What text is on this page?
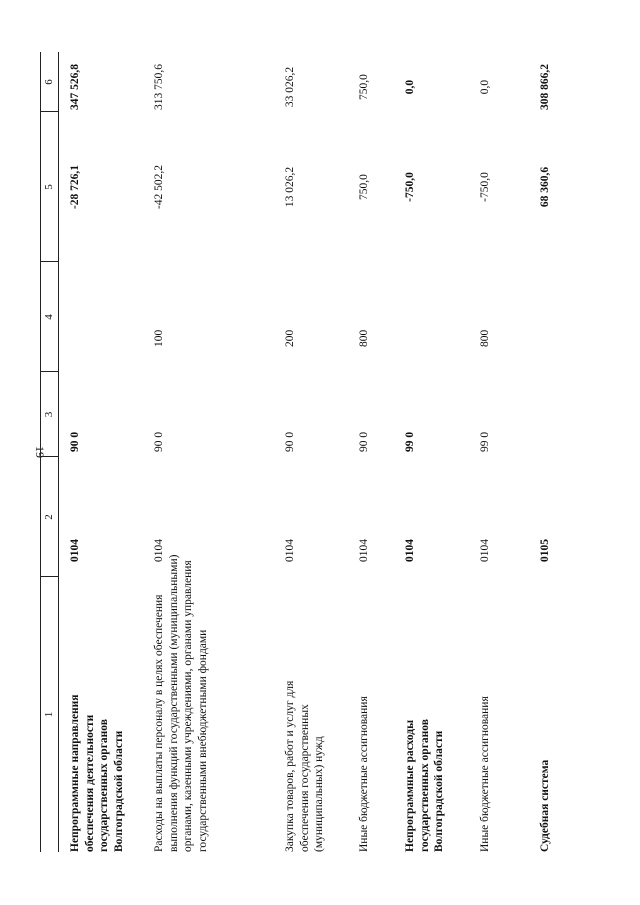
19
1
2
3
4
5
6
Непрограммные направления обеспечения деятельности государственных органов Волгоградской области
0104
90 0
-28 726,1
347 526,8
Расходы на выплаты персоналу в целях обеспечения выполнения функций государственными (муниципальными) органами, казенными учреждениями, органами управления государственными внебюджетными фондами
0104
90 0
100
-42 502,2
313 750,6
Закупка товаров, работ и услуг для обеспечения государственных (муниципальных) нужд
0104
90 0
200
13 026,2
33 026,2
Иные бюджетные ассигнования
0104
90 0
800
750,0
750,0
Непрограммные расходы государственных органов Волгоградской области
0104
99 0
-750,0
0,0
Иные бюджетные ассигнования
0104
99 0
800
-750,0
0,0
Судебная система
0105
68 360,6
308 866,2
